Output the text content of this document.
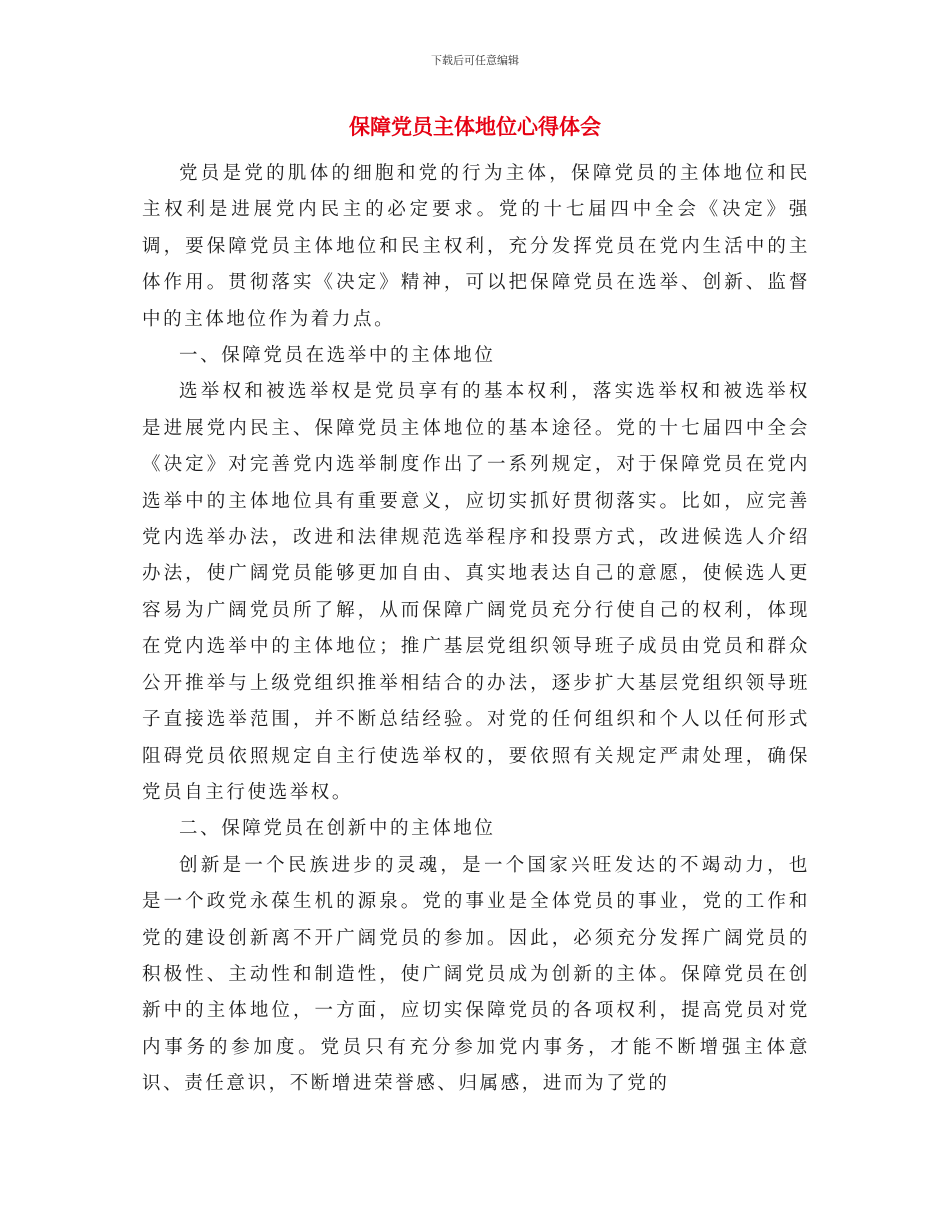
下载后可任意编辑
保障党员主体地位心得体会

党员是党的肌体的细胞和党的行为主体，保障党员的主体地位和民主权利是进展党内民主的必定要求。党的十七届四中全会《决定》强调，要保障党员主体地位和民主权利，充分发挥党员在党内生活中的主体作用。贯彻落实《决定》精神，可以把保障党员在选举、创新、监督中的主体地位作为着力点。

一、保障党员在选举中的主体地位

选举权和被选举权是党员享有的基本权利，落实选举权和被选举权是进展党内民主、保障党员主体地位的基本途径。党的十七届四中全会《决定》对完善党内选举制度作出了一系列规定，对于保障党员在党内选举中的主体地位具有重要意义，应切实抓好贯彻落实。比如，应完善党内选举办法，改进和法律规范选举程序和投票方式，改进候选人介绍办法，使广阔党员能够更加自由、真实地表达自己的意愿，使候选人更容易为广阔党员所了解，从而保障广阔党员充分行使自己的权利，体现在党内选举中的主体地位；推广基层党组织领导班子成员由党员和群众公开推举与上级党组织推举相结合的办法，逐步扩大基层党组织领导班子直接选举范围，并不断总结经验。对党的任何组织和个人以任何形式阻碍党员依照规定自主行使选举权的，要依照有关规定严肃处理，确保党员自主行使选举权。

二、保障党员在创新中的主体地位

创新是一个民族进步的灵魂，是一个国家兴旺发达的不竭动力，也是一个政党永葆生机的源泉。党的事业是全体党员的事业，党的工作和党的建设创新离不开广阔党员的参加。因此，必须充分发挥广阔党员的积极性、主动性和制造性，使广阔党员成为创新的主体。保障党员在创新中的主体地位，一方面，应切实保障党员的各项权利，提高党员对党内事务的参加度。党员只有充分参加党内事务，才能不断增强主体意识、责任意识，不断增进荣誉感、归属感，进而为了党的
